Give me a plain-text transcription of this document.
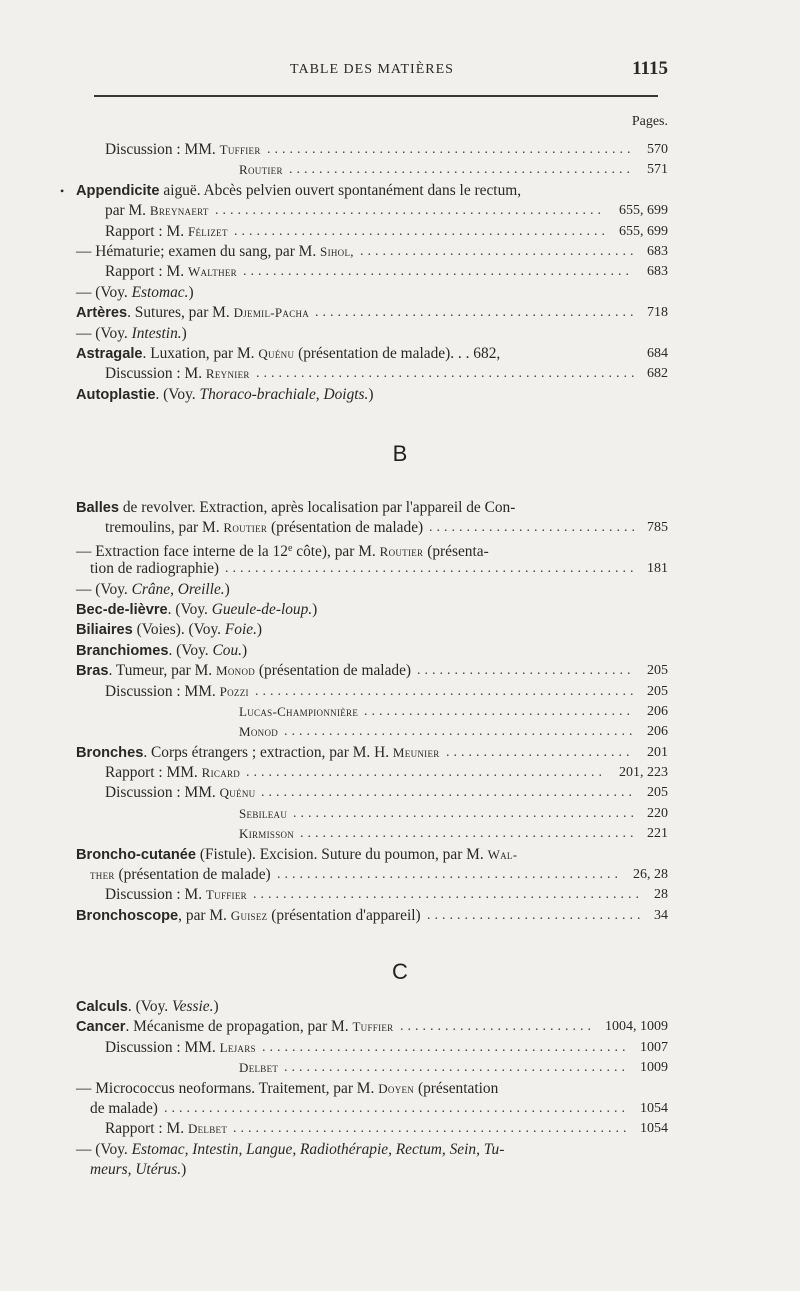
TABLE DES MATIÈRES	1115
Pages.
•
Discussion : MM. Tuffier ................................................. 570
Routier .............................................. 571
Appendicite aiguë. Abcès pelvien ouvert spontanément dans le rectum,
par M. Breynaert ....................................................	655, 699
Rapport : M. Félizet .................................................. 655, 699
— Hématurie; examen du sang, par M. Sihol, ..................................... 683
Rapport : M. Walther ....................................................	683
— (Voy. Estomac.)
Artères. Sutures, par M. Djemil-Pacha ........................................... 718
— (Voy. Intestin.)
Astragale. Luxation, par M. Quénu (présentation de malade). . . 682,	684
Discussion : M. Reynier ................................................... 682
Autoplastie. (Voy. Thoraco-brachiale, Doigts.)
B
Balles de revolver. Extraction, après localisation par l'appareil de Con-
tremoulins, par M. Routier (présentation de malade) ............................ 785
— Extraction face interne de la 12e côte), par M. Routier (présenta-
tion de radiographie) ....................................................... 181
— (Voy. Crâne, Oreille.)
Bec-de-lièvre. (Voy. Gueule-de-loup.)
Biliaires (Voies). (Voy. Foie.)
Branchiomes. (Voy. Cou.)
Bras. Tumeur, par M. Monod (présentation de malade) ............................. 205
Discussion : MM. Pozzi ................................................... 205
Lucas-Championnière .................................... 206
Monod ............................................... 206
Bronches. Corps étrangers ; extraction, par M. H. Meunier ......................... 201
Rapport : MM. Ricard ................................................ 201, 223
Discussion : MM. Quénu .................................................. 205
Sebileau .............................................. 220
Kirmisson ............................................. 221
Broncho-cutanée (Fistule). Excision. Suture du poumon, par M. Wal-
ther (présentation de malade) .............................................. 26, 28
Discussion : M. Tuffier .................................................... 28
Bronchoscope, par M. Guisez (présentation d'appareil) ............................. 34
C
Calculs. (Voy. Vessie.)
Cancer. Mécanisme de propagation, par M. Tuffier .......................... 1004, 1009
Discussion : MM. Lejars ................................................. 1007
Delbet .............................................. 1009
— Micrococcus neoformans. Traitement, par M. Doyen (présentation
de malade) .............................................................. 1054
Rapport : M. Delbet ..................................................... 1054
— (Voy. Estomac, Intestin, Langue, Radiothérapie, Rectum, Sein, Tu-
meurs, Utérus.)
